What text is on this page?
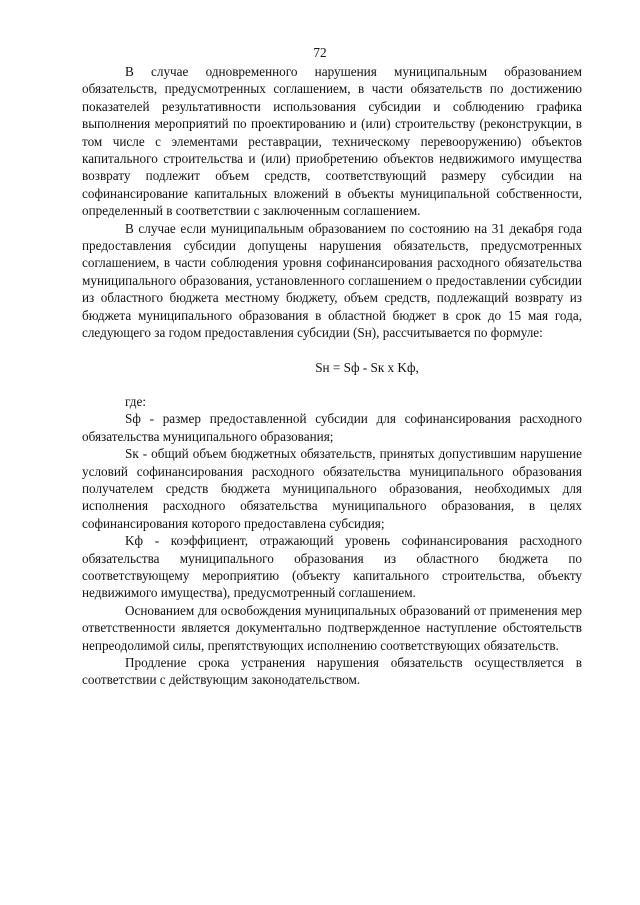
72

В случае одновременного нарушения муниципальным образованием обязательств, предусмотренных соглашением, в части обязательств по достижению показателей результативности использования субсидии и соблюдению графика выполнения мероприятий по проектированию и (или) строительству (реконструкции, в том числе с элементами реставрации, техническому перевооружению) объектов капитального строительства и (или) приобретению объектов недвижимого имущества возврату подлежит объем средств, соответствующий размеру субсидии на софинансирование капитальных вложений в объекты муниципальной собственности, определенный в соответствии с заключенным соглашением.

В случае если муниципальным образованием по состоянию на 31 декабря года предоставления субсидии допущены нарушения обязательств, предусмотренных соглашением, в части соблюдения уровня софинансирования расходного обязательства муниципального образования, установленного соглашением о предоставлении субсидии из областного бюджета местному бюджету, объем средств, подлежащий возврату из бюджета муниципального образования в областной бюджет в срок до 15 мая года, следующего за годом предоставления субсидии (Sн), рассчитывается по формуле:

Sн = Sф - Sк x Kф,

где:

Sф - размер предоставленной субсидии для софинансирования расходного обязательства муниципального образования;

Sк - общий объем бюджетных обязательств, принятых допустившим нарушение условий софинансирования расходного обязательства муниципального образования получателем средств бюджета муниципального образования, необходимых для исполнения расходного обязательства муниципального образования, в целях софинансирования которого предоставлена субсидия;

Kф - коэффициент, отражающий уровень софинансирования расходного обязательства муниципального образования из областного бюджета по соответствующему мероприятию (объекту капитального строительства, объекту недвижимого имущества), предусмотренный соглашением.

Основанием для освобождения муниципальных образований от применения мер ответственности является документально подтвержденное наступление обстоятельств непреодолимой силы, препятствующих исполнению соответствующих обязательств.

Продление срока устранения нарушения обязательств осуществляется в соответствии с действующим законодательством.
